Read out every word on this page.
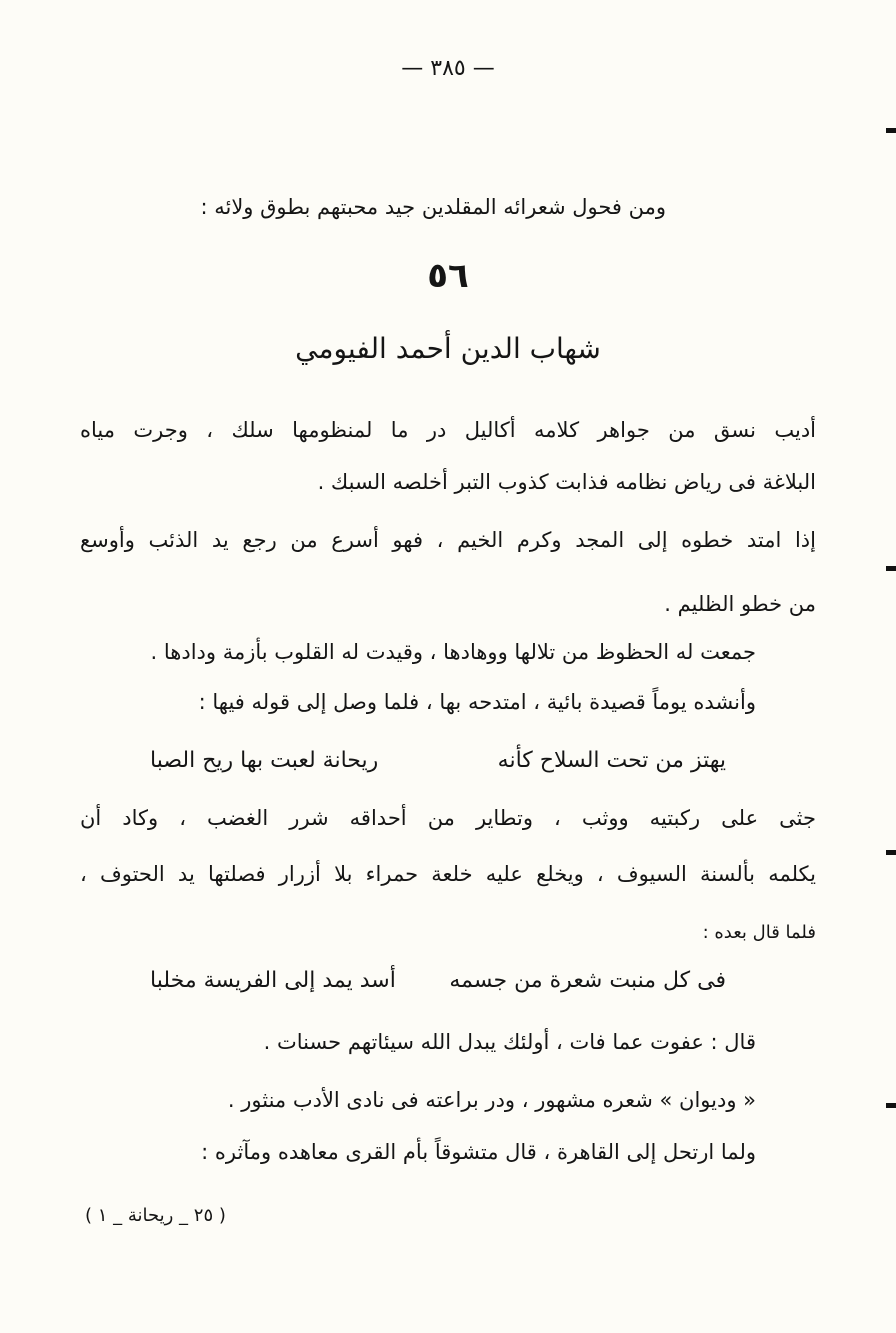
— ٣٨٥ —
ومن فحول شعرائه المقلدين جيد محبتهم بطوق ولائه :
٥٦
شهاب الدين أحمد الفيومي
أديب نسق من جواهر كلامه أكاليل در ما لمنظومها سلك ، وجرت مياه
البلاغة فى رياض نظامه فذابت كذوب التبر أخلصه السبك .
إذا امتد خطوه إلى المجد وكرم الخيم ، فهو أسرع من رجع يد الذئب وأوسع
من خطو الظليم .
جمعت له الحظوظ من تلالها ووهادها ، وقيدت له القلوب بأزمة ودادها .
وأنشده يوماً قصيدة بائية ، امتدحه بها ، فلما وصل إلى قوله فيها :
يهتز من تحت السلاح كأنه
ريحانة لعبت بها ريح الصبا
جثى على ركبتيه ووثب ، وتطاير من أحداقه شرر الغضب ، وكاد أن
يكلمه بألسنة السيوف ، ويخلع عليه خلعة حمراء بلا أزرار فصلتها يد الحتوف ،
فلما قال بعده :
فى كل منبت شعرة من جسمه
أسد يمد إلى الفريسة مخلبا
قال : عفوت عما فات ، أولئك يبدل الله سيئاتهم حسنات .
« وديوان » شعره مشهور ، ودر براعته فى نادى الأدب منثور .
ولما ارتحل إلى القاهرة ، قال متشوقاً بأم القرى معاهده ومآثره :
( ٢٥ _ ريحانة _ ١ )
